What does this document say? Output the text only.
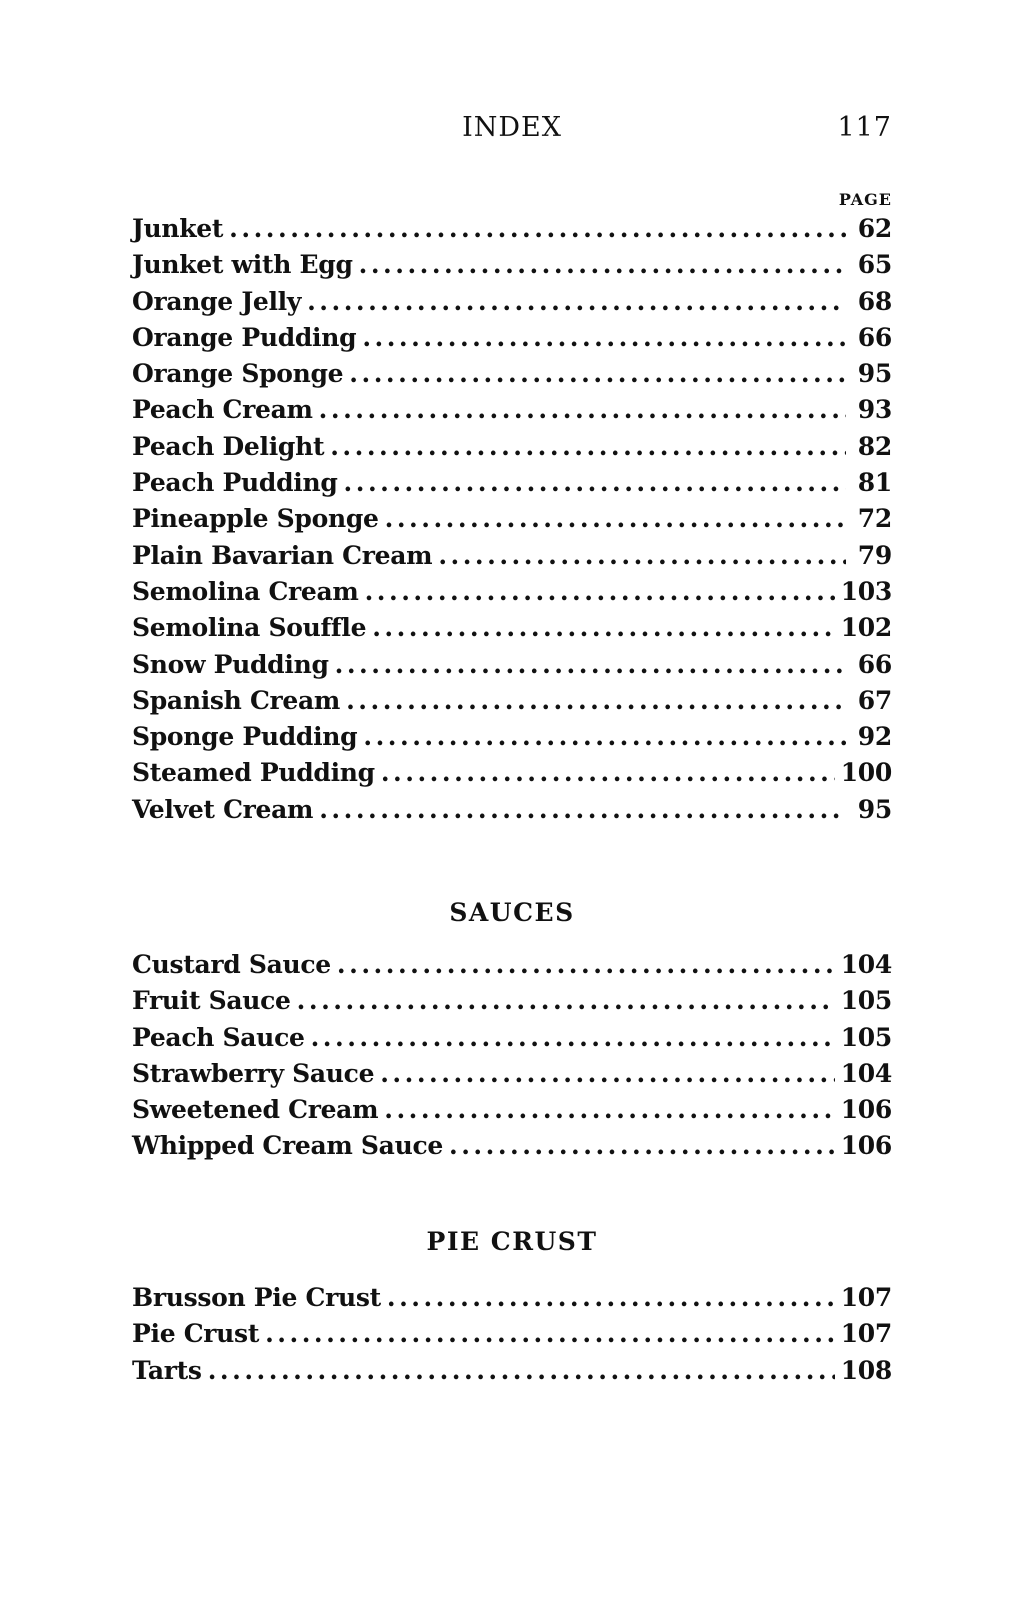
INDEX	117
PAGE
Junket .....	62
Junket with Egg .....	65
Orange Jelly .....	68
Orange Pudding .....	66
Orange Sponge .....	95
Peach Cream .....	93
Peach Delight .....	82
Peach Pudding .....	81
Pineapple Sponge .....	72
Plain Bavarian Cream .....	79
Semolina Cream .....	103
Semolina Souffle .....	102
Snow Pudding .....	66
Spanish Cream .....	67
Sponge Pudding .....	92
Steamed Pudding .....	100
Velvet Cream .....	95
SAUCES
Custard Sauce .....	104
Fruit Sauce .....	105
Peach Sauce .....	105
Strawberry Sauce .....	104
Sweetened Cream .....	106
Whipped Cream Sauce .....	106
PIE CRUST
Brusson Pie Crust .....	107
Pie Crust .....	107
Tarts .....	108
